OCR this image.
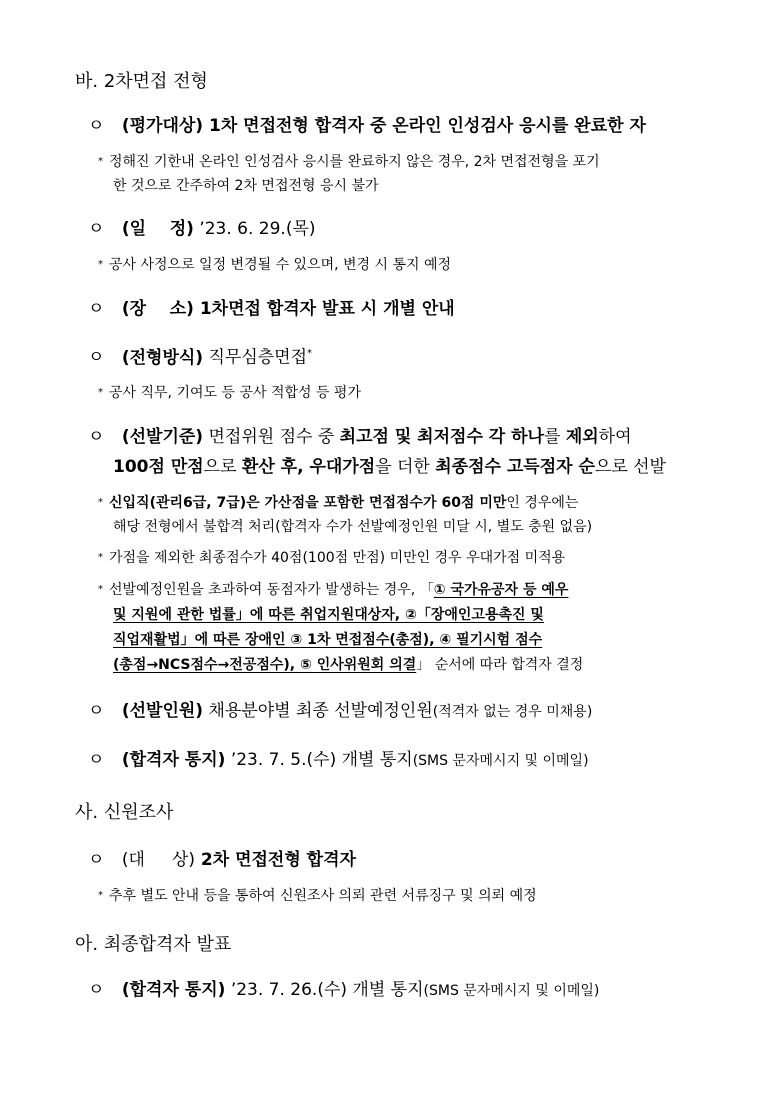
바. 2차면접 전형
ㅇ (평가대상) 1차 면접전형 합격자 중 온라인 인성검사 응시를 완료한 자
* 정해진 기한내 온라인 인성검사 응시를 완료하지 않은 경우, 2차 면접전형을 포기
한 것으로 간주하여 2차 면접전형 응시 불가
ㅇ (일    정) ’23. 6. 29.(목)
* 공사 사정으로 일정 변경될 수 있으며, 변경 시 통지 예정
ㅇ (장    소) 1차면접 합격자 발표 시 개별 안내
ㅇ (전형방식) 직무심층면접*
* 공사 직무, 기여도 등 공사 적합성 등 평가
ㅇ (선발기준) 면접위원 점수 중 최고점 및 최저점수 각 하나를 제외하여
100점 만점으로 환산 후, 우대가점을 더한 최종점수 고득점자 순으로 선발
* 신입직(관리6급, 7급)은 가산점을 포함한 면접점수가 60점 미만인 경우에는
해당 전형에서 불합격 처리(합격자 수가 선발예정인원 미달 시, 별도 충원 없음)
* 가점을 제외한 최종점수가 40점(100점 만점) 미만인 경우 우대가점 미적용
* 선발예정인원을 초과하여 동점자가 발생하는 경우, 「① 국가유공자 등 예우
및 지원에 관한 법률」에 따른 취업지원대상자, ②「장애인고용촉진 및
직업재활법」에 따른 장애인 ③ 1차 면접점수(총점), ④ 필기시험 점수
(총점→NCS점수→전공점수), ⑤ 인사위원회 의결」 순서에 따라 합격자 결정
ㅇ (선발인원) 채용분야별 최종 선발예정인원(적격자 없는 경우 미채용)
ㅇ (합격자 통지) ’23. 7. 5.(수) 개별 통지(SMS 문자메시지 및 이메일)
사. 신원조사
ㅇ (대     상) 2차 면접전형 합격자
* 추후 별도 안내 등을 통하여 신원조사 의뢰 관련 서류징구 및 의뢰 예정
아. 최종합격자 발표
ㅇ (합격자 통지) ’23. 7. 26.(수) 개별 통지(SMS 문자메시지 및 이메일)
